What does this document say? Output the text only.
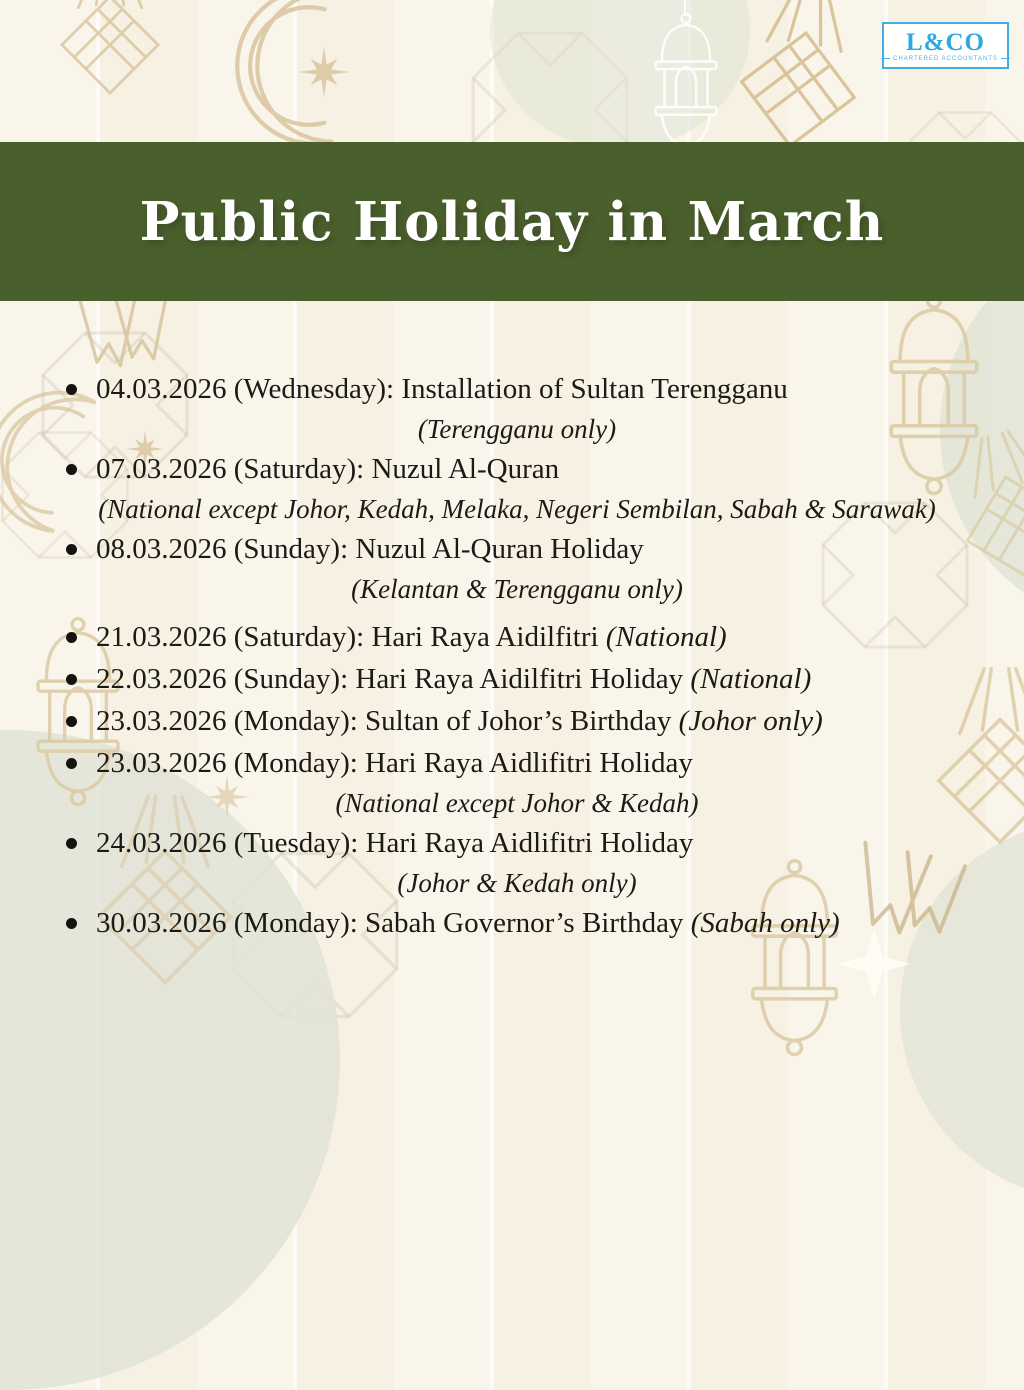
Public Holiday in March
L&CO
CHARTERED ACCOUNTANTS
04.03.2026 (Wednesday): Installation of Sultan Terengganu
(Terengganu only)
07.03.2026 (Saturday): Nuzul Al-Quran
(National except Johor, Kedah, Melaka, Negeri Sembilan, Sabah & Sarawak)
08.03.2026 (Sunday): Nuzul Al-Quran Holiday
(Kelantan & Terengganu only)
21.03.2026 (Saturday): Hari Raya Aidilfitri (National)
22.03.2026 (Sunday): Hari Raya Aidilfitri Holiday (National)
23.03.2026 (Monday): Sultan of Johor’s Birthday (Johor only)
23.03.2026 (Monday): Hari Raya Aidlifitri Holiday
(National except Johor & Kedah)
24.03.2026 (Tuesday): Hari Raya Aidlifitri Holiday
(Johor & Kedah only)
30.03.2026 (Monday): Sabah Governor’s Birthday (Sabah only)
